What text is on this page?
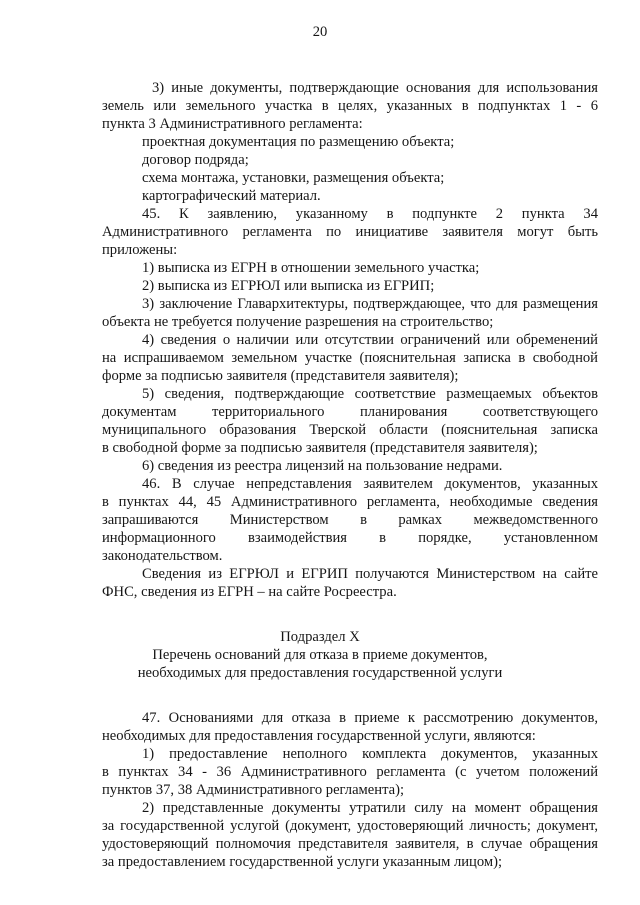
20
3) иные документы, подтверждающие основания для использования
земель или земельного участка в целях, указанных в подпунктах 1 - 6
пункта 3 Административного регламента:
проектная документация по размещению объекта;
договор подряда;
схема монтажа, установки, размещения объекта;
картографический материал.
45. К заявлению, указанному в подпункте 2 пункта 34
Административного регламента по инициативе заявителя могут быть
приложены:
1) выписка из ЕГРН в отношении земельного участка;
2) выписка из ЕГРЮЛ или выписка из ЕГРИП;
3) заключение Главархитектуры, подтверждающее, что для размещения
объекта не требуется получение разрешения на строительство;
4) сведения о наличии или отсутствии ограничений или обременений
на испрашиваемом земельном участке (пояснительная записка в свободной
форме за подписью заявителя (представителя заявителя);
5) сведения, подтверждающие соответствие размещаемых объектов
документам территориального планирования соответствующего
муниципального образования Тверской области (пояснительная записка
в свободной форме за подписью заявителя (представителя заявителя);
6) сведения из реестра лицензий на пользование недрами.
46. В случае непредставления заявителем документов, указанных
в пунктах 44, 45 Административного регламента, необходимые сведения
запрашиваются Министерством в рамках межведомственного
информационного взаимодействия в порядке, установленном
законодательством.
Сведения из ЕГРЮЛ и ЕГРИП получаются Министерством на сайте
ФНС, сведения из ЕГРН – на сайте Росреестра.
Подраздел X
Перечень оснований для отказа в приеме документов,
необходимых для предоставления государственной услуги
47. Основаниями для отказа в приеме к рассмотрению документов,
необходимых для предоставления государственной услуги, являются:
1) предоставление неполного комплекта документов, указанных
в пунктах 34 - 36 Административного регламента (с учетом положений
пунктов 37, 38 Административного регламента);
2) представленные документы утратили силу на момент обращения
за государственной услугой (документ, удостоверяющий личность; документ,
удостоверяющий полномочия представителя заявителя, в случае обращения
за предоставлением государственной услуги указанным лицом);
